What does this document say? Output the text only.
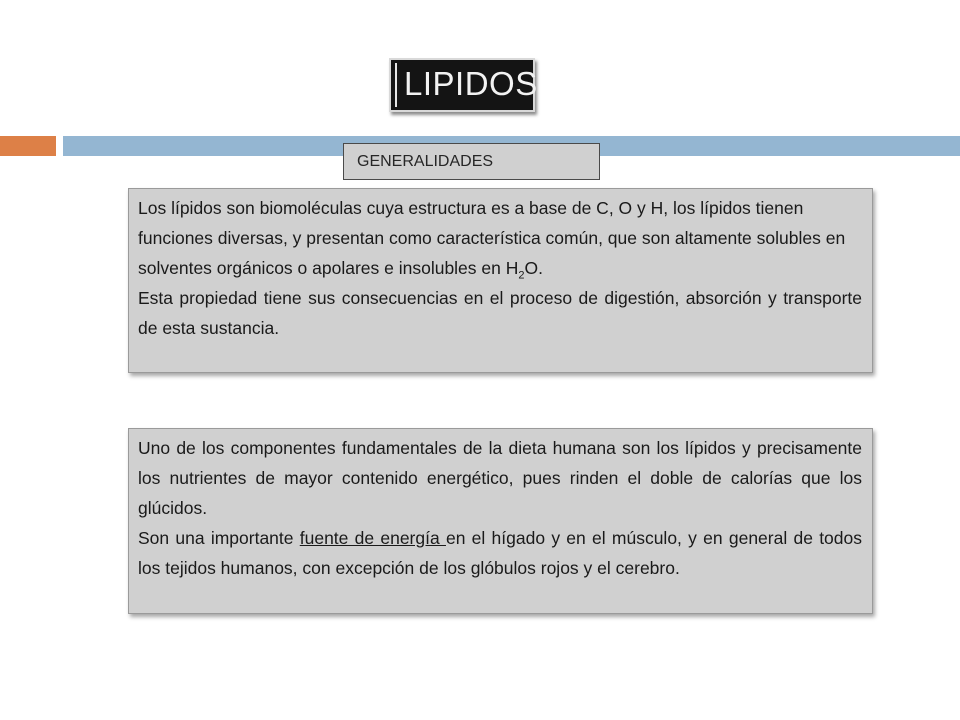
LIPIDOS
GENERALIDADES

Los lípidos son biomoléculas cuya estructura es a base de C, O y H, los lípidos tienen funciones diversas, y presentan como característica común, que son altamente solubles en solventes orgánicos o apolares e insolubles en $H_2O$.

Esta propiedad tiene sus consecuencias en el proceso de digestión, absorción y transporte de esta sustancia.

Uno de los componentes fundamentales de la dieta humana son los lípidos y precisamente los nutrientes de mayor contenido energético, pues rinden el doble de calorías que los glúcidos.

Son una importante fuente de energía en el hígado y en el músculo, y en general de todos los tejidos humanos, con excepción de los glóbulos rojos y el cerebro.
